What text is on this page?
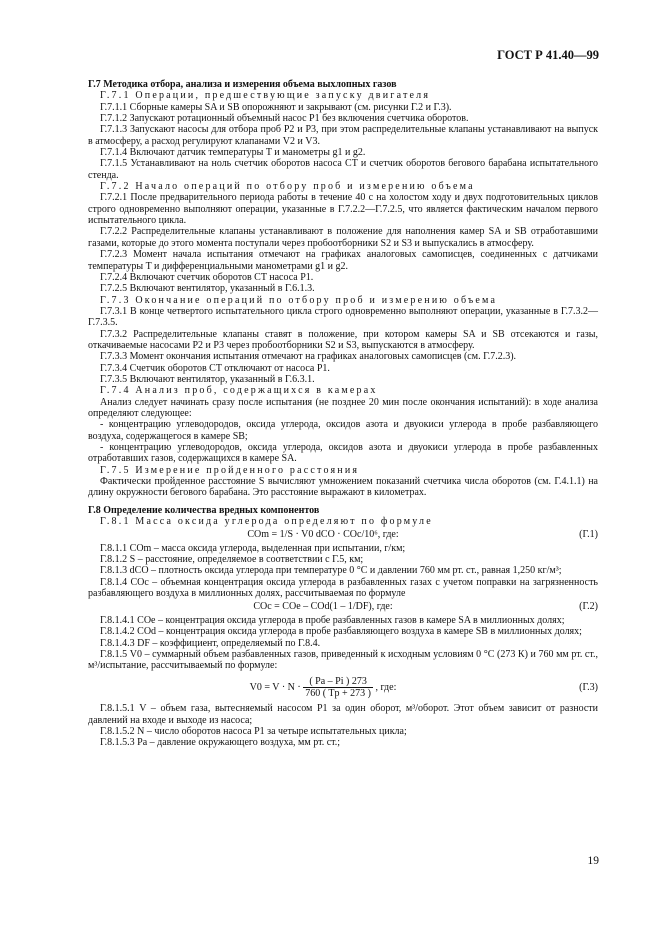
ГОСТ Р 41.40—99

Г.7 Методика отбора, анализа и измерения объема выхлопных газов

Г.7.1 Операции, предшествующие запуску двигателя

Г.7.1.1 Сборные камеры SA и SB опорожняют и закрывают (см. рисунки Г.2 и Г.3).

Г.7.1.2 Запускают ротационный объемный насос P1 без включения счетчика оборотов.

Г.7.1.3 Запускают насосы для отбора проб P2 и P3, при этом распределительные клапаны устанавливают на выпуск в атмосферу, а расход регулируют клапанами V2 и V3.

Г.7.1.4 Включают датчик температуры T и манометры g1 и g2.

Г.7.1.5 Устанавливают на ноль счетчик оборотов насоса CT и счетчик оборотов бегового барабана испытательного стенда.

Г.7.2 Начало операций по отбору проб и измерению объема

Г.7.2.1 После предварительного периода работы в течение 40 с на холостом ходу и двух подготовительных циклов строго одновременно выполняют операции, указанные в Г.7.2.2—Г.7.2.5, что является фактическим началом первого испытательного цикла.

Г.7.2.2 Распределительные клапаны устанавливают в положение для наполнения камер SA и SB отработавшими газами, которые до этого момента поступали через пробоотборники S2 и S3 и выпускались в атмосферу.

Г.7.2.3 Момент начала испытания отмечают на графиках аналоговых самописцев, соединенных с датчиками температуры T и дифференциальными манометрами g1 и g2.

Г.7.2.4 Включают счетчик оборотов CT насоса P1.

Г.7.2.5 Включают вентилятор, указанный в Г.6.1.3.

Г.7.3 Окончание операций по отбору проб и измерению объема

Г.7.3.1 В конце четвертого испытательного цикла строго одновременно выполняют операции, указанные в Г.7.3.2—Г.7.3.5.

Г.7.3.2 Распределительные клапаны ставят в положение, при котором камеры SA и SB отсекаются и газы, откачиваемые насосами P2 и P3 через пробоотборники S2 и S3, выпускаются в атмосферу.

Г.7.3.3 Момент окончания испытания отмечают на графиках аналоговых самописцев (см. Г.7.2.3).

Г.7.3.4 Счетчик оборотов CT отключают от насоса P1.

Г.7.3.5 Включают вентилятор, указанный в Г.6.3.1.

Г.7.4 Анализ проб, содержащихся в камерах

Анализ следует начинать сразу после испытания (не позднее 20 мин после окончания испытаний): в ходе анализа определяют следующее:

- концентрацию углеводородов, оксида углерода, оксидов азота и двуокиси углерода в пробе разбавляющего воздуха, содержащегося в камере SB;

- концентрацию углеводородов, оксида углерода, оксидов азота и двуокиси углерода в пробе разбавленных отработавших газов, содержащихся в камере SA.

Г.7.5 Измерение пройденного расстояния

Фактически пройденное расстояние S вычисляют умножением показаний счетчика числа оборотов (см. Г.4.1.1) на длину окружности бегового барабана. Это расстояние выражают в километрах.

Г.8 Определение количества вредных компонентов

Г.8.1 Масса оксида углерода определяют по формуле

COm = 1/S · V0 dCO · COc/10⁶, где:	(Г.1)

Г.8.1.1 COm – масса оксида углерода, выделенная при испытании, г/км;

Г.8.1.2 S – расстояние, определяемое в соответствии с Г.5, км;

Г.8.1.3 dCO – плотность оксида углерода при температуре 0 °С и давлении 760 мм рт. ст., равная 1,250 кг/м³;

Г.8.1.4 COc – объемная концентрация оксида углерода в разбавленных газах с учетом поправки на загрязненность разбавляющего воздуха в миллионных долях, рассчитываемая по формуле

COc = COe – COd(1 – 1/DF), где:	(Г.2)

Г.8.1.4.1 COe – концентрация оксида углерода в пробе разбавленных газов в камере SA в миллионных долях;

Г.8.1.4.2 COd – концентрация оксида углерода в пробе разбавляющего воздуха в камере SB в миллионных долях;

Г.8.1.4.3 DF – коэффициент, определяемый по Г.8.4.

Г.8.1.5 V0 – суммарный объем разбавленных газов, приведенный к исходным условиям 0 °С (273 К) и 760 мм рт. ст., м³/испытание, рассчитываемый по формуле:

$V0 = V \cdot N \cdot \frac{( Pa - Pi ) 273}{760 ( Tp + 273 )}$ , где:	(Г.3)

Г.8.1.5.1 V – объем газа, вытесняемый насосом P1 за один оборот, м³/оборот. Этот объем зависит от разности давлений на входе и выходе из насоса;

Г.8.1.5.2 N – число оборотов насоса P1 за четыре испытательных цикла;

Г.8.1.5.3 Pa – давление окружающего воздуха, мм рт. ст.;

19
